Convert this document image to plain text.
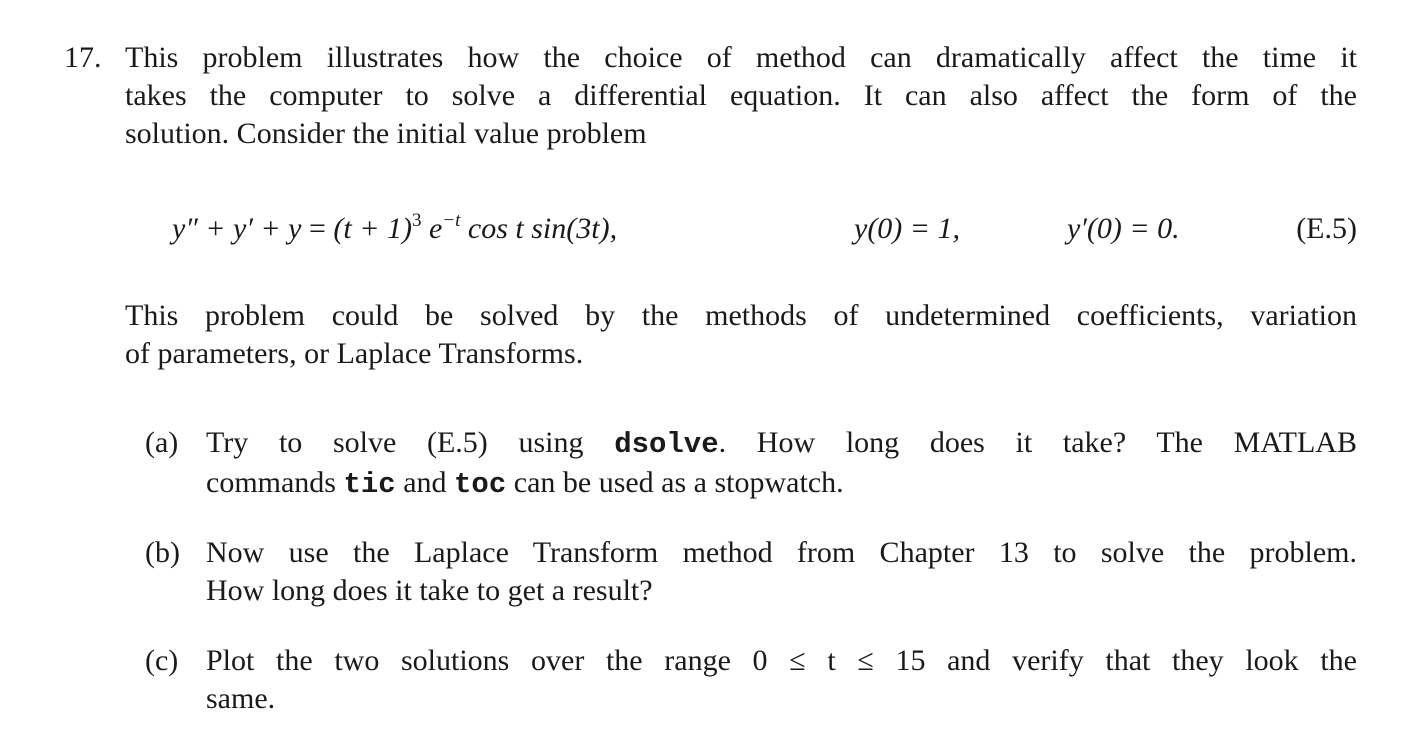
17. This problem illustrates how the choice of method can dramatically affect the time it
takes the computer to solve a differential equation. It can also affect the form of the
solution. Consider the initial value problem
$y'' + y' + y = (t + 1)^3$ $e^{-t}$ cos t sin(3t),	y(0) = 1,	y′(0) = 0.	(E.5)
This problem could be solved by the methods of undetermined coefficients, variation
of parameters, or Laplace Transforms.
(a) Try to solve (E.5) using dsolve. How long does it take? The MATLAB
commands tic and toc can be used as a stopwatch.
(b) Now use the Laplace Transform method from Chapter 13 to solve the problem.
How long does it take to get a result?
(c) Plot the two solutions over the range 0 ≤ t ≤ 15 and verify that they look the
same.
